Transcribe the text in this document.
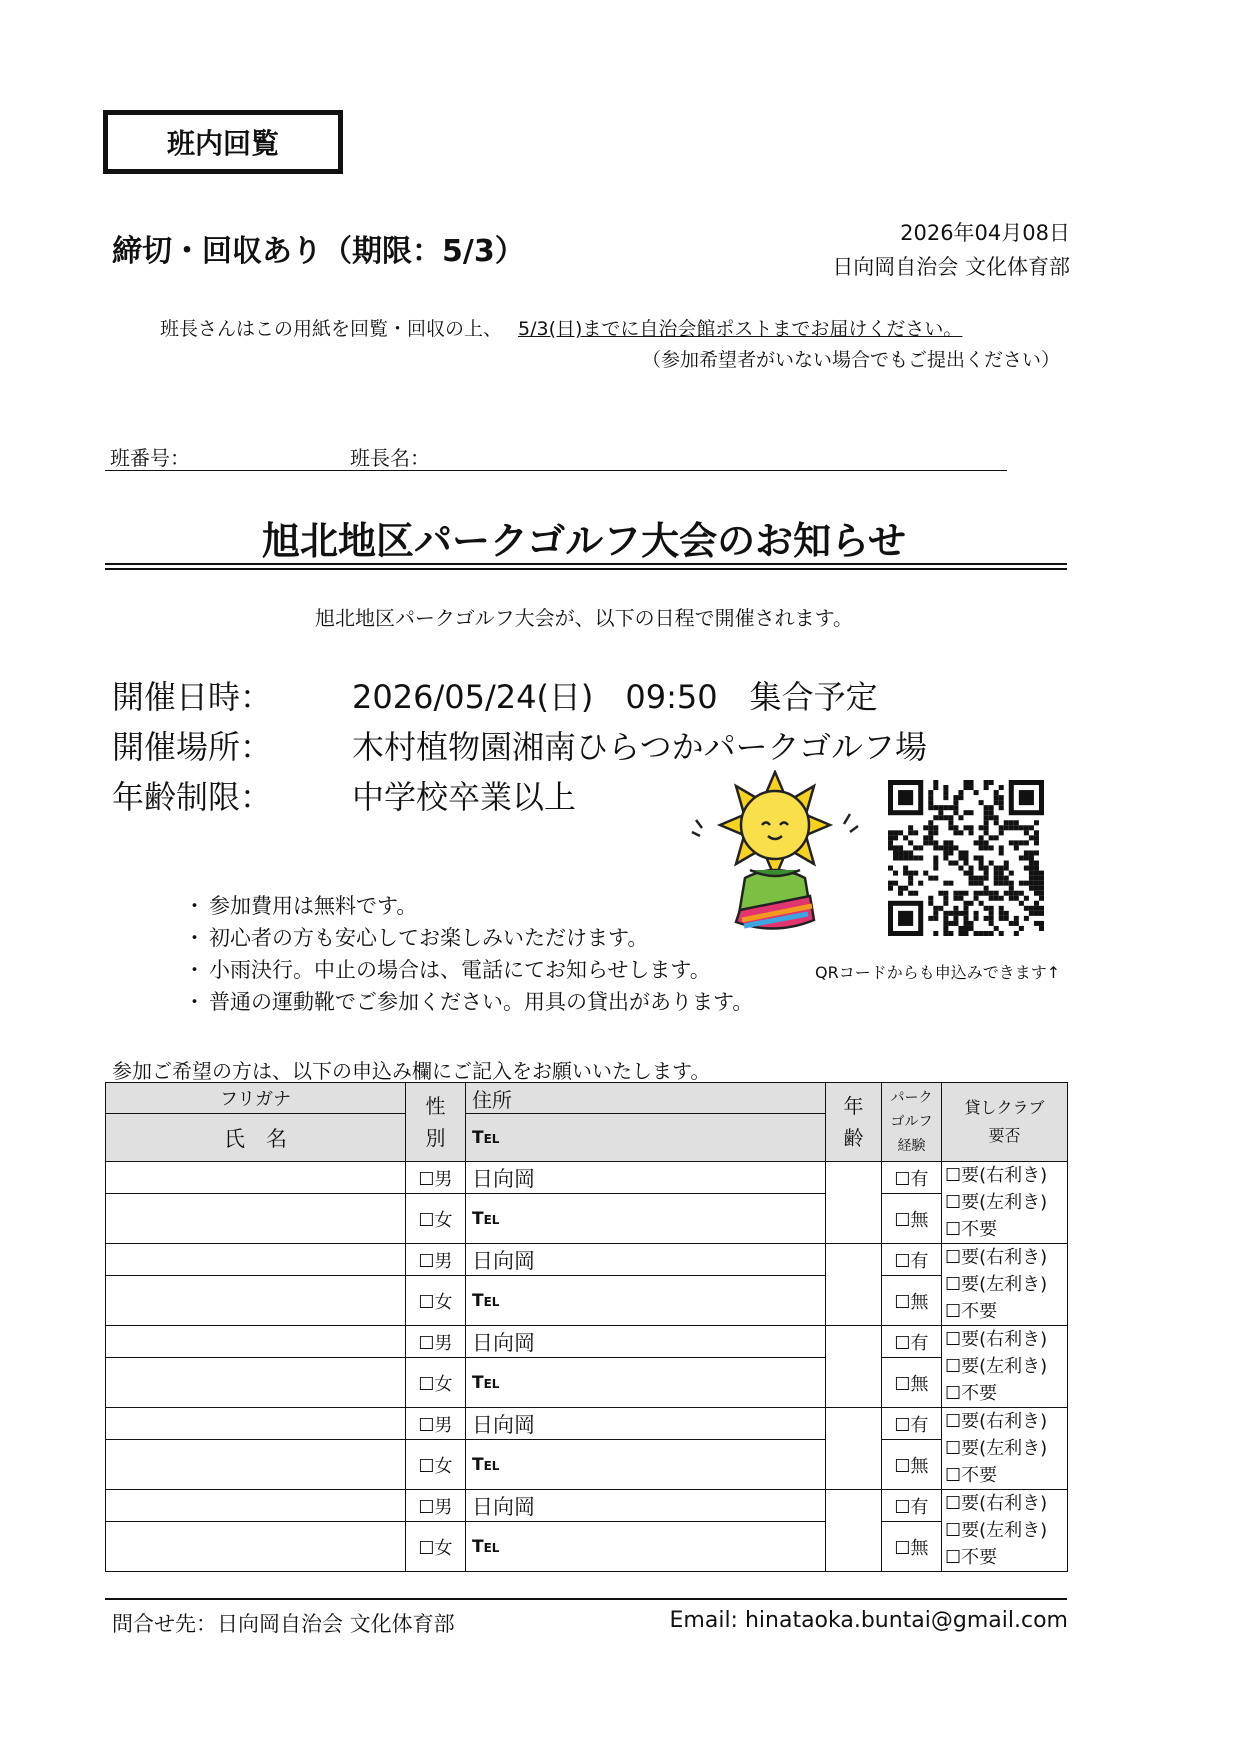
班内回覧
締切・回収あり（期限：5/3）
2026年04月08日
日向岡自治会 文化体育部
班長さんはこの用紙を回覧・回収の上、 5/3(日)までに自治会館ポストまでお届けください。
（参加希望者がいない場合でもご提出ください）
班番号：	班長名：
旭北地区パークゴルフ大会のお知らせ
旭北地区パークゴルフ大会が、以下の日程で開催されます。
開催日時： 2026/05/24(日)　09:50　集合予定
開催場所： 木村植物園湘南ひらつかパークゴルフ場
年齢制限： 中学校卒業以上
QRコードからも申込みできます↑
・ 参加費用は無料です。
・ 初心者の方も安心してお楽しみいただけます。
・ 小雨決行。中止の場合は、電話にてお知らせします。
・ 普通の運動靴でご参加ください。用具の貸出があります。
参加ご希望の方は、以下の申込み欄にご記入をお願いいたします。
フリガナ	性別	住所	年齢	パークゴルフ経験	貸しクラブ要否
氏　名		Tel			
	☐男	日向岡		☐有	☐要(右利き)
☐要(左利き)
☐不要

	☐女	Tel		☐無	
	☐男	日向岡		☐有	☐要(右利き)
☐要(左利き)
☐不要

	☐女	Tel		☐無	
	☐男	日向岡		☐有	☐要(右利き)
☐要(左利き)
☐不要

	☐女	Tel		☐無	
	☐男	日向岡		☐有	☐要(右利き)
☐要(左利き)
☐不要

	☐女	Tel		☐無	
	☐男	日向岡		☐有	☐要(右利き)
☐要(左利き)
☐不要

	☐女	Tel		☐無	
問合せ先：日向岡自治会 文化体育部	Email: hinataoka.buntai@gmail.com
